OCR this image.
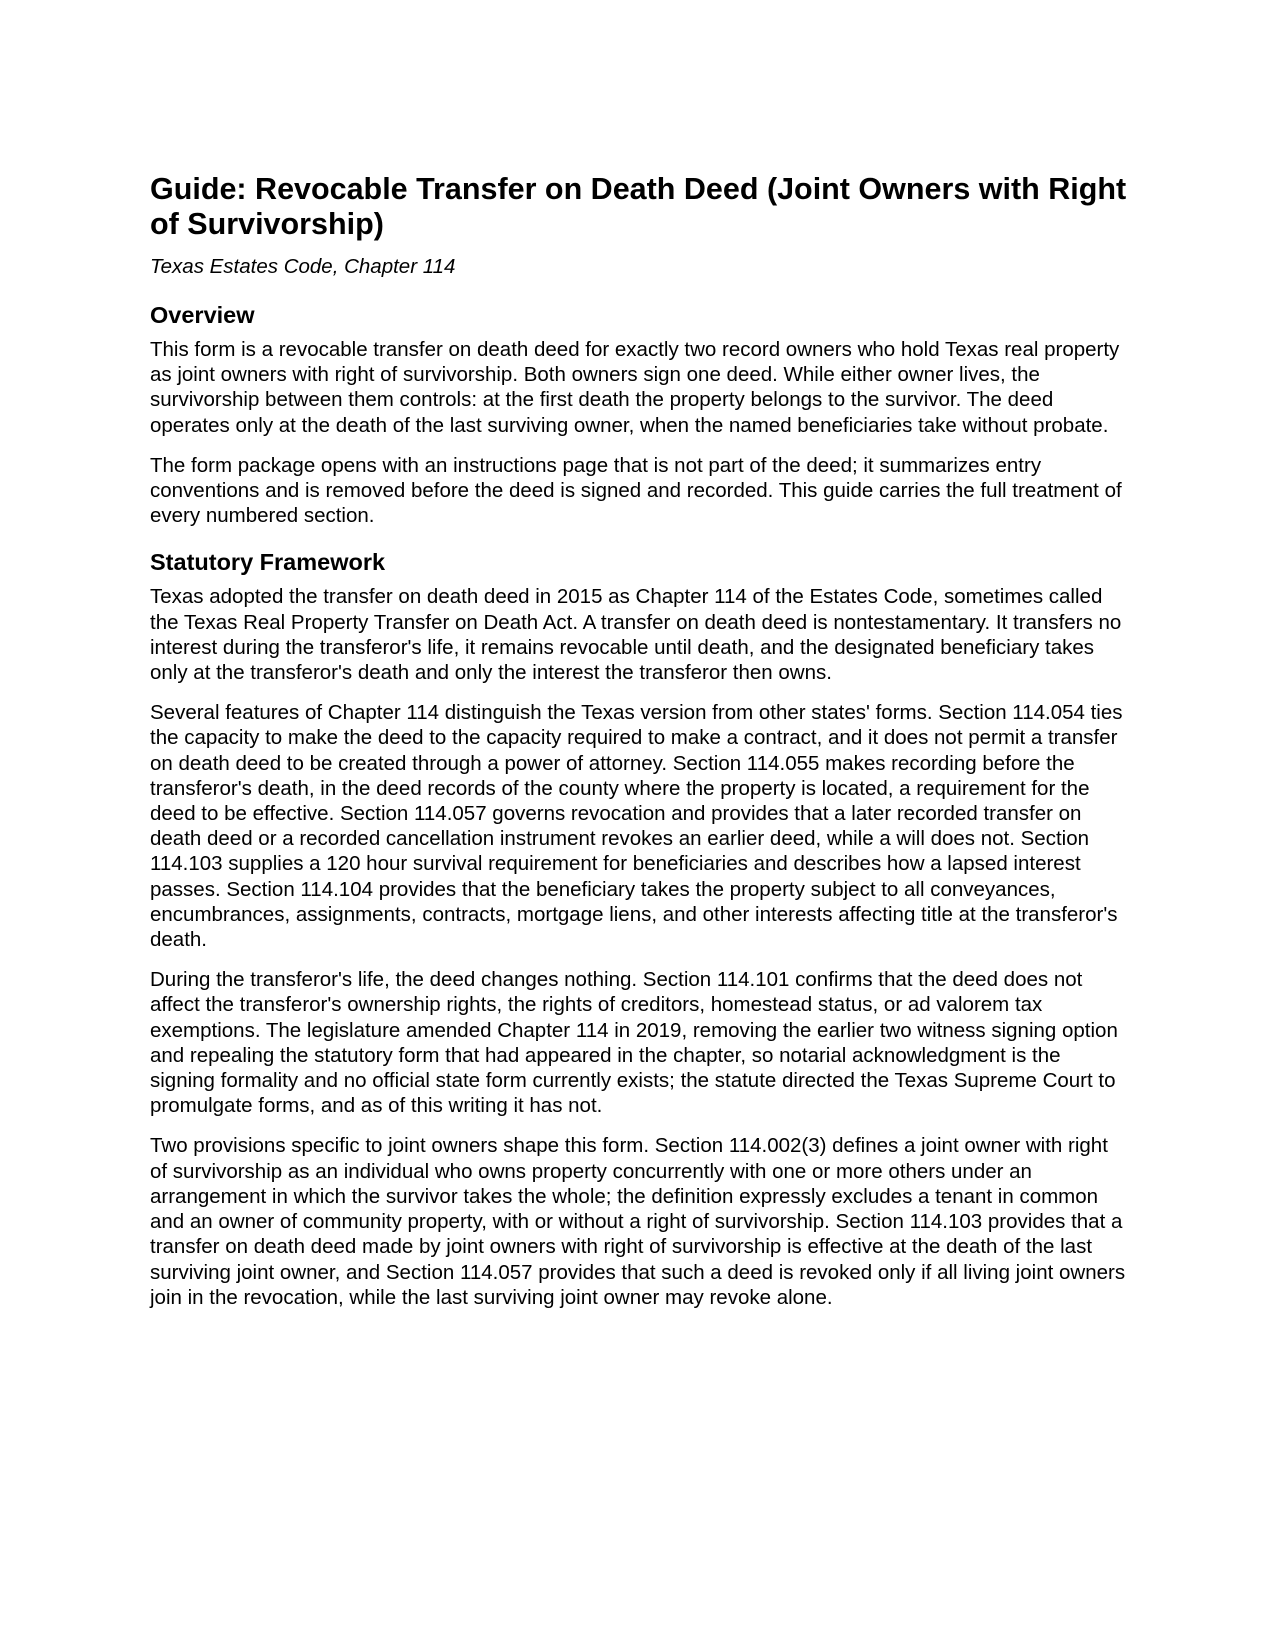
Guide: Revocable Transfer on Death Deed (Joint Owners with Right of Survivorship)

Texas Estates Code, Chapter 114

Overview

This form is a revocable transfer on death deed for exactly two record owners who hold Texas real property as joint owners with right of survivorship. Both owners sign one deed. While either owner lives, the survivorship between them controls: at the first death the property belongs to the survivor. The deed operates only at the death of the last surviving owner, when the named beneficiaries take without probate.

The form package opens with an instructions page that is not part of the deed; it summarizes entry conventions and is removed before the deed is signed and recorded. This guide carries the full treatment of every numbered section.

Statutory Framework

Texas adopted the transfer on death deed in 2015 as Chapter 114 of the Estates Code, sometimes called the Texas Real Property Transfer on Death Act. A transfer on death deed is nontestamentary. It transfers no interest during the transferor's life, it remains revocable until death, and the designated beneficiary takes only at the transferor's death and only the interest the transferor then owns.

Several features of Chapter 114 distinguish the Texas version from other states' forms. Section 114.054 ties the capacity to make the deed to the capacity required to make a contract, and it does not permit a transfer on death deed to be created through a power of attorney. Section 114.055 makes recording before the transferor's death, in the deed records of the county where the property is located, a requirement for the deed to be effective. Section 114.057 governs revocation and provides that a later recorded transfer on death deed or a recorded cancellation instrument revokes an earlier deed, while a will does not. Section 114.103 supplies a 120 hour survival requirement for beneficiaries and describes how a lapsed interest passes. Section 114.104 provides that the beneficiary takes the property subject to all conveyances, encumbrances, assignments, contracts, mortgage liens, and other interests affecting title at the transferor's death.

During the transferor's life, the deed changes nothing. Section 114.101 confirms that the deed does not affect the transferor's ownership rights, the rights of creditors, homestead status, or ad valorem tax exemptions. The legislature amended Chapter 114 in 2019, removing the earlier two witness signing option and repealing the statutory form that had appeared in the chapter, so notarial acknowledgment is the signing formality and no official state form currently exists; the statute directed the Texas Supreme Court to promulgate forms, and as of this writing it has not.

Two provisions specific to joint owners shape this form. Section 114.002(3) defines a joint owner with right of survivorship as an individual who owns property concurrently with one or more others under an arrangement in which the survivor takes the whole; the definition expressly excludes a tenant in common and an owner of community property, with or without a right of survivorship. Section 114.103 provides that a transfer on death deed made by joint owners with right of survivorship is effective at the death of the last surviving joint owner, and Section 114.057 provides that such a deed is revoked only if all living joint owners join in the revocation, while the last surviving joint owner may revoke alone.
